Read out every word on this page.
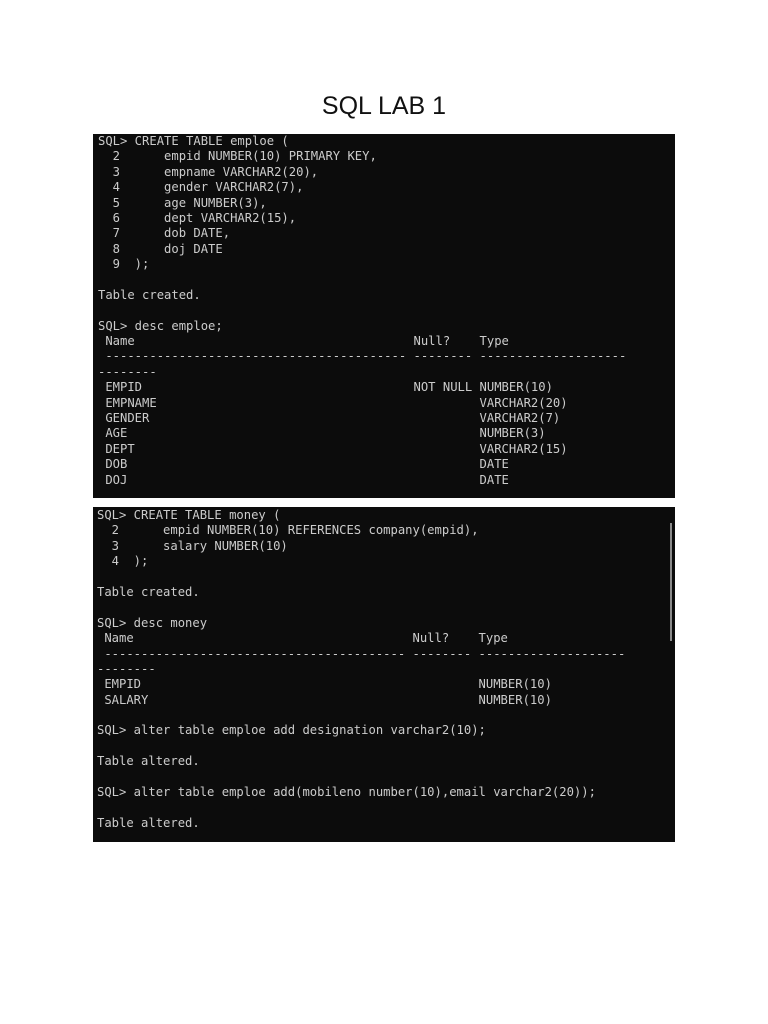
SQL LAB 1
SQL> CREATE TABLE emploe (
2      empid NUMBER(10) PRIMARY KEY,
3      empname VARCHAR2(20),
4      gender VARCHAR2(7),
5      age NUMBER(3),
6      dept VARCHAR2(15),
7      dob DATE,
8      doj DATE
9  );
Table created.
SQL> desc emploe;
Name                                      Null?    Type
----------------------------------------- -------- --------------------
--------
EMPID                                     NOT NULL NUMBER(10)
EMPNAME                                            VARCHAR2(20)
GENDER                                             VARCHAR2(7)
AGE                                                NUMBER(3)
DEPT                                               VARCHAR2(15)
DOB                                                DATE
DOJ                                                DATE
SQL> CREATE TABLE money (
2      empid NUMBER(10) REFERENCES company(empid),
3      salary NUMBER(10)
4  );
Table created.
SQL> desc money
Name                                      Null?    Type
----------------------------------------- -------- --------------------
--------
EMPID                                              NUMBER(10)
SALARY                                             NUMBER(10)
SQL> alter table emploe add designation varchar2(10);
Table altered.
SQL> alter table emploe add(mobileno number(10),email varchar2(20));
Table altered.
